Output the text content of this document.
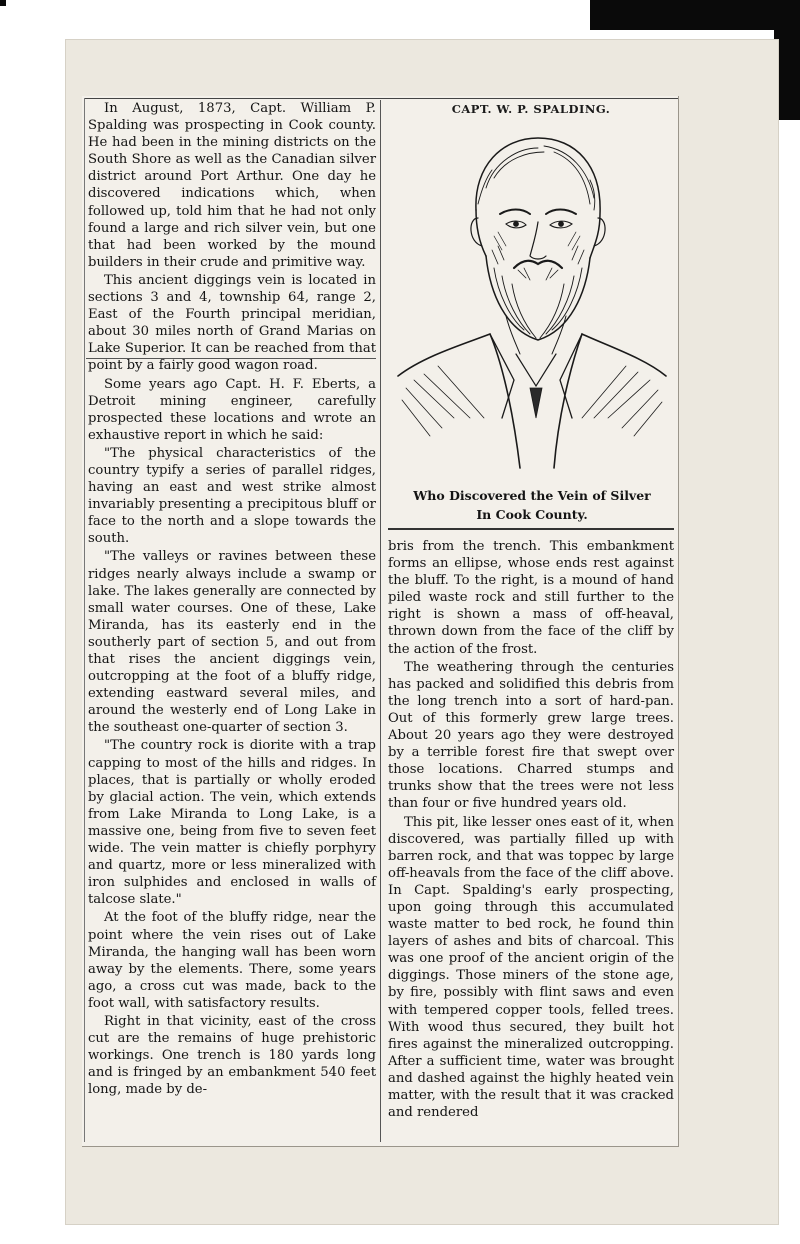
In August, 1873, Capt. William P. Spalding was prospecting in Cook county. He had been in the mining districts on the South Shore as well as the Canadian silver district around Port Arthur. One day he discovered indications which, when followed up, told him that he had not only found a large and rich silver vein, but one that had been worked by the mound builders in their crude and primitive way.

This ancient diggings vein is located in sections 3 and 4, township 64, range 2, East of the Fourth principal meridian, about 30 miles north of Grand Marias on Lake Superior. It can be reached from that point by a fairly good wagon road.

Some years ago Capt. H. F. Eberts, a Detroit mining engineer, carefully prospected these locations and wrote an exhaustive report in which he said:

"The physical characteristics of the country typify a series of parallel ridges, having an east and west strike almost invariably presenting a precipitous bluff or face to the north and a slope towards the south.

"The valleys or ravines between these ridges nearly always include a swamp or lake. The lakes generally are connected by small water courses. One of these, Lake Miranda, has its easterly end in the southerly part of section 5, and out from that rises the ancient diggings vein, outcropping at the foot of a bluffy ridge, extending eastward several miles, and around the westerly end of Long Lake in the southeast one-quarter of section 3.

"The country rock is diorite with a trap capping to most of the hills and ridges. In places, that is partially or wholly eroded by glacial action. The vein, which extends from Lake Miranda to Long Lake, is a massive one, being from five to seven feet wide. The vein matter is chiefly porphyry and quartz, more or less mineralized with iron sulphides and enclosed in walls of talcose slate."

At the foot of the bluffy ridge, near the point where the vein rises out of Lake Miranda, the hanging wall has been worn away by the elements. There, some years ago, a cross cut was made, back to the foot wall, with satisfactory results.

Right in that vicinity, east of the cross cut are the remains of huge prehistoric workings. One trench is 180 yards long and is fringed by an embankment 540 feet long, made by de-

CAPT. W. P. SPALDING.
Who Discovered the Vein of Silver
In Cook County.

bris from the trench. This embankment forms an ellipse, whose ends rest against the bluff. To the right, is a mound of hand piled waste rock and still further to the right is shown a mass of off-heaval, thrown down from the face of the cliff by the action of the frost.

The weathering through the centuries has packed and solidified this debris from the long trench into a sort of hard-pan. Out of this formerly grew large trees. About 20 years ago they were destroyed by a terrible forest fire that swept over those locations. Charred stumps and trunks show that the trees were not less than four or five hundred years old.

This pit, like lesser ones east of it, when discovered, was partially filled up with barren rock, and that was toppec by large off-heavals from the face of the cliff above. In Capt. Spalding's early prospecting, upon going through this accumulated waste matter to bed rock, he found thin layers of ashes and bits of charcoal. This was one proof of the ancient origin of the diggings. Those miners of the stone age, by fire, possibly with flint saws and even with tempered copper tools, felled trees. With wood thus secured, they built hot fires against the mineralized outcropping. After a sufficient time, water was brought and dashed against the highly heated vein matter, with the result that it was cracked and rendered
